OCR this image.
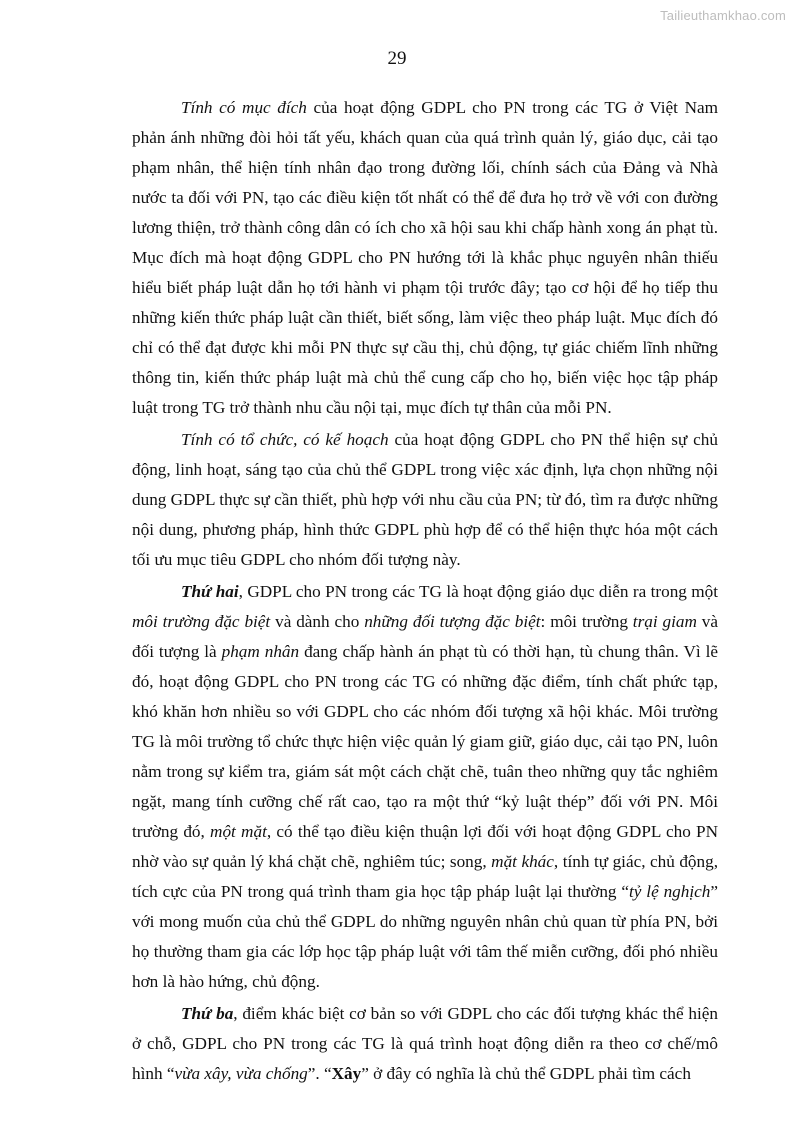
Tailieuthamkhao.com
29

Tính có mục đích của hoạt động GDPL cho PN trong các TG ở Việt Nam phản ánh những đòi hỏi tất yếu, khách quan của quá trình quản lý, giáo dục, cải tạo phạm nhân, thể hiện tính nhân đạo trong đường lối, chính sách của Đảng và Nhà nước ta đối với PN, tạo các điều kiện tốt nhất có thể để đưa họ trở về với con đường lương thiện, trở thành công dân có ích cho xã hội sau khi chấp hành xong án phạt tù. Mục đích mà hoạt động GDPL cho PN hướng tới là khắc phục nguyên nhân thiếu hiểu biết pháp luật dẫn họ tới hành vi phạm tội trước đây; tạo cơ hội để họ tiếp thu những kiến thức pháp luật cần thiết, biết sống, làm việc theo pháp luật. Mục đích đó chỉ có thể đạt được khi mỗi PN thực sự cầu thị, chủ động, tự giác chiếm lĩnh những thông tin, kiến thức pháp luật mà chủ thể cung cấp cho họ, biến việc học tập pháp luật trong TG trở thành nhu cầu nội tại, mục đích tự thân của mỗi PN.

Tính có tổ chức, có kế hoạch của hoạt động GDPL cho PN thể hiện sự chủ động, linh hoạt, sáng tạo của chủ thể GDPL trong việc xác định, lựa chọn những nội dung GDPL thực sự cần thiết, phù hợp với nhu cầu của PN; từ đó, tìm ra được những nội dung, phương pháp, hình thức GDPL phù hợp để có thể hiện thực hóa một cách tối ưu mục tiêu GDPL cho nhóm đối tượng này.

Thứ hai, GDPL cho PN trong các TG là hoạt động giáo dục diễn ra trong một môi trường đặc biệt và dành cho những đối tượng đặc biệt: môi trường trại giam và đối tượng là phạm nhân đang chấp hành án phạt tù có thời hạn, tù chung thân. Vì lẽ đó, hoạt động GDPL cho PN trong các TG có những đặc điểm, tính chất phức tạp, khó khăn hơn nhiều so với GDPL cho các nhóm đối tượng xã hội khác. Môi trường TG là môi trường tổ chức thực hiện việc quản lý giam giữ, giáo dục, cải tạo PN, luôn nằm trong sự kiểm tra, giám sát một cách chặt chẽ, tuân theo những quy tắc nghiêm ngặt, mang tính cưỡng chế rất cao, tạo ra một thứ “kỷ luật thép” đối với PN. Môi trường đó, một mặt, có thể tạo điều kiện thuận lợi đối với hoạt động GDPL cho PN nhờ vào sự quản lý khá chặt chẽ, nghiêm túc; song, mặt khác, tính tự giác, chủ động, tích cực của PN trong quá trình tham gia học tập pháp luật lại thường “tỷ lệ nghịch” với mong muốn của chủ thể GDPL do những nguyên nhân chủ quan từ phía PN, bởi họ thường tham gia các lớp học tập pháp luật với tâm thế miễn cưỡng, đối phó nhiều hơn là hào hứng, chủ động.

Thứ ba, điểm khác biệt cơ bản so với GDPL cho các đối tượng khác thể hiện ở chỗ, GDPL cho PN trong các TG là quá trình hoạt động diễn ra theo cơ chế/mô hình “vừa xây, vừa chống”. “Xây” ở đây có nghĩa là chủ thể GDPL phải tìm cách
